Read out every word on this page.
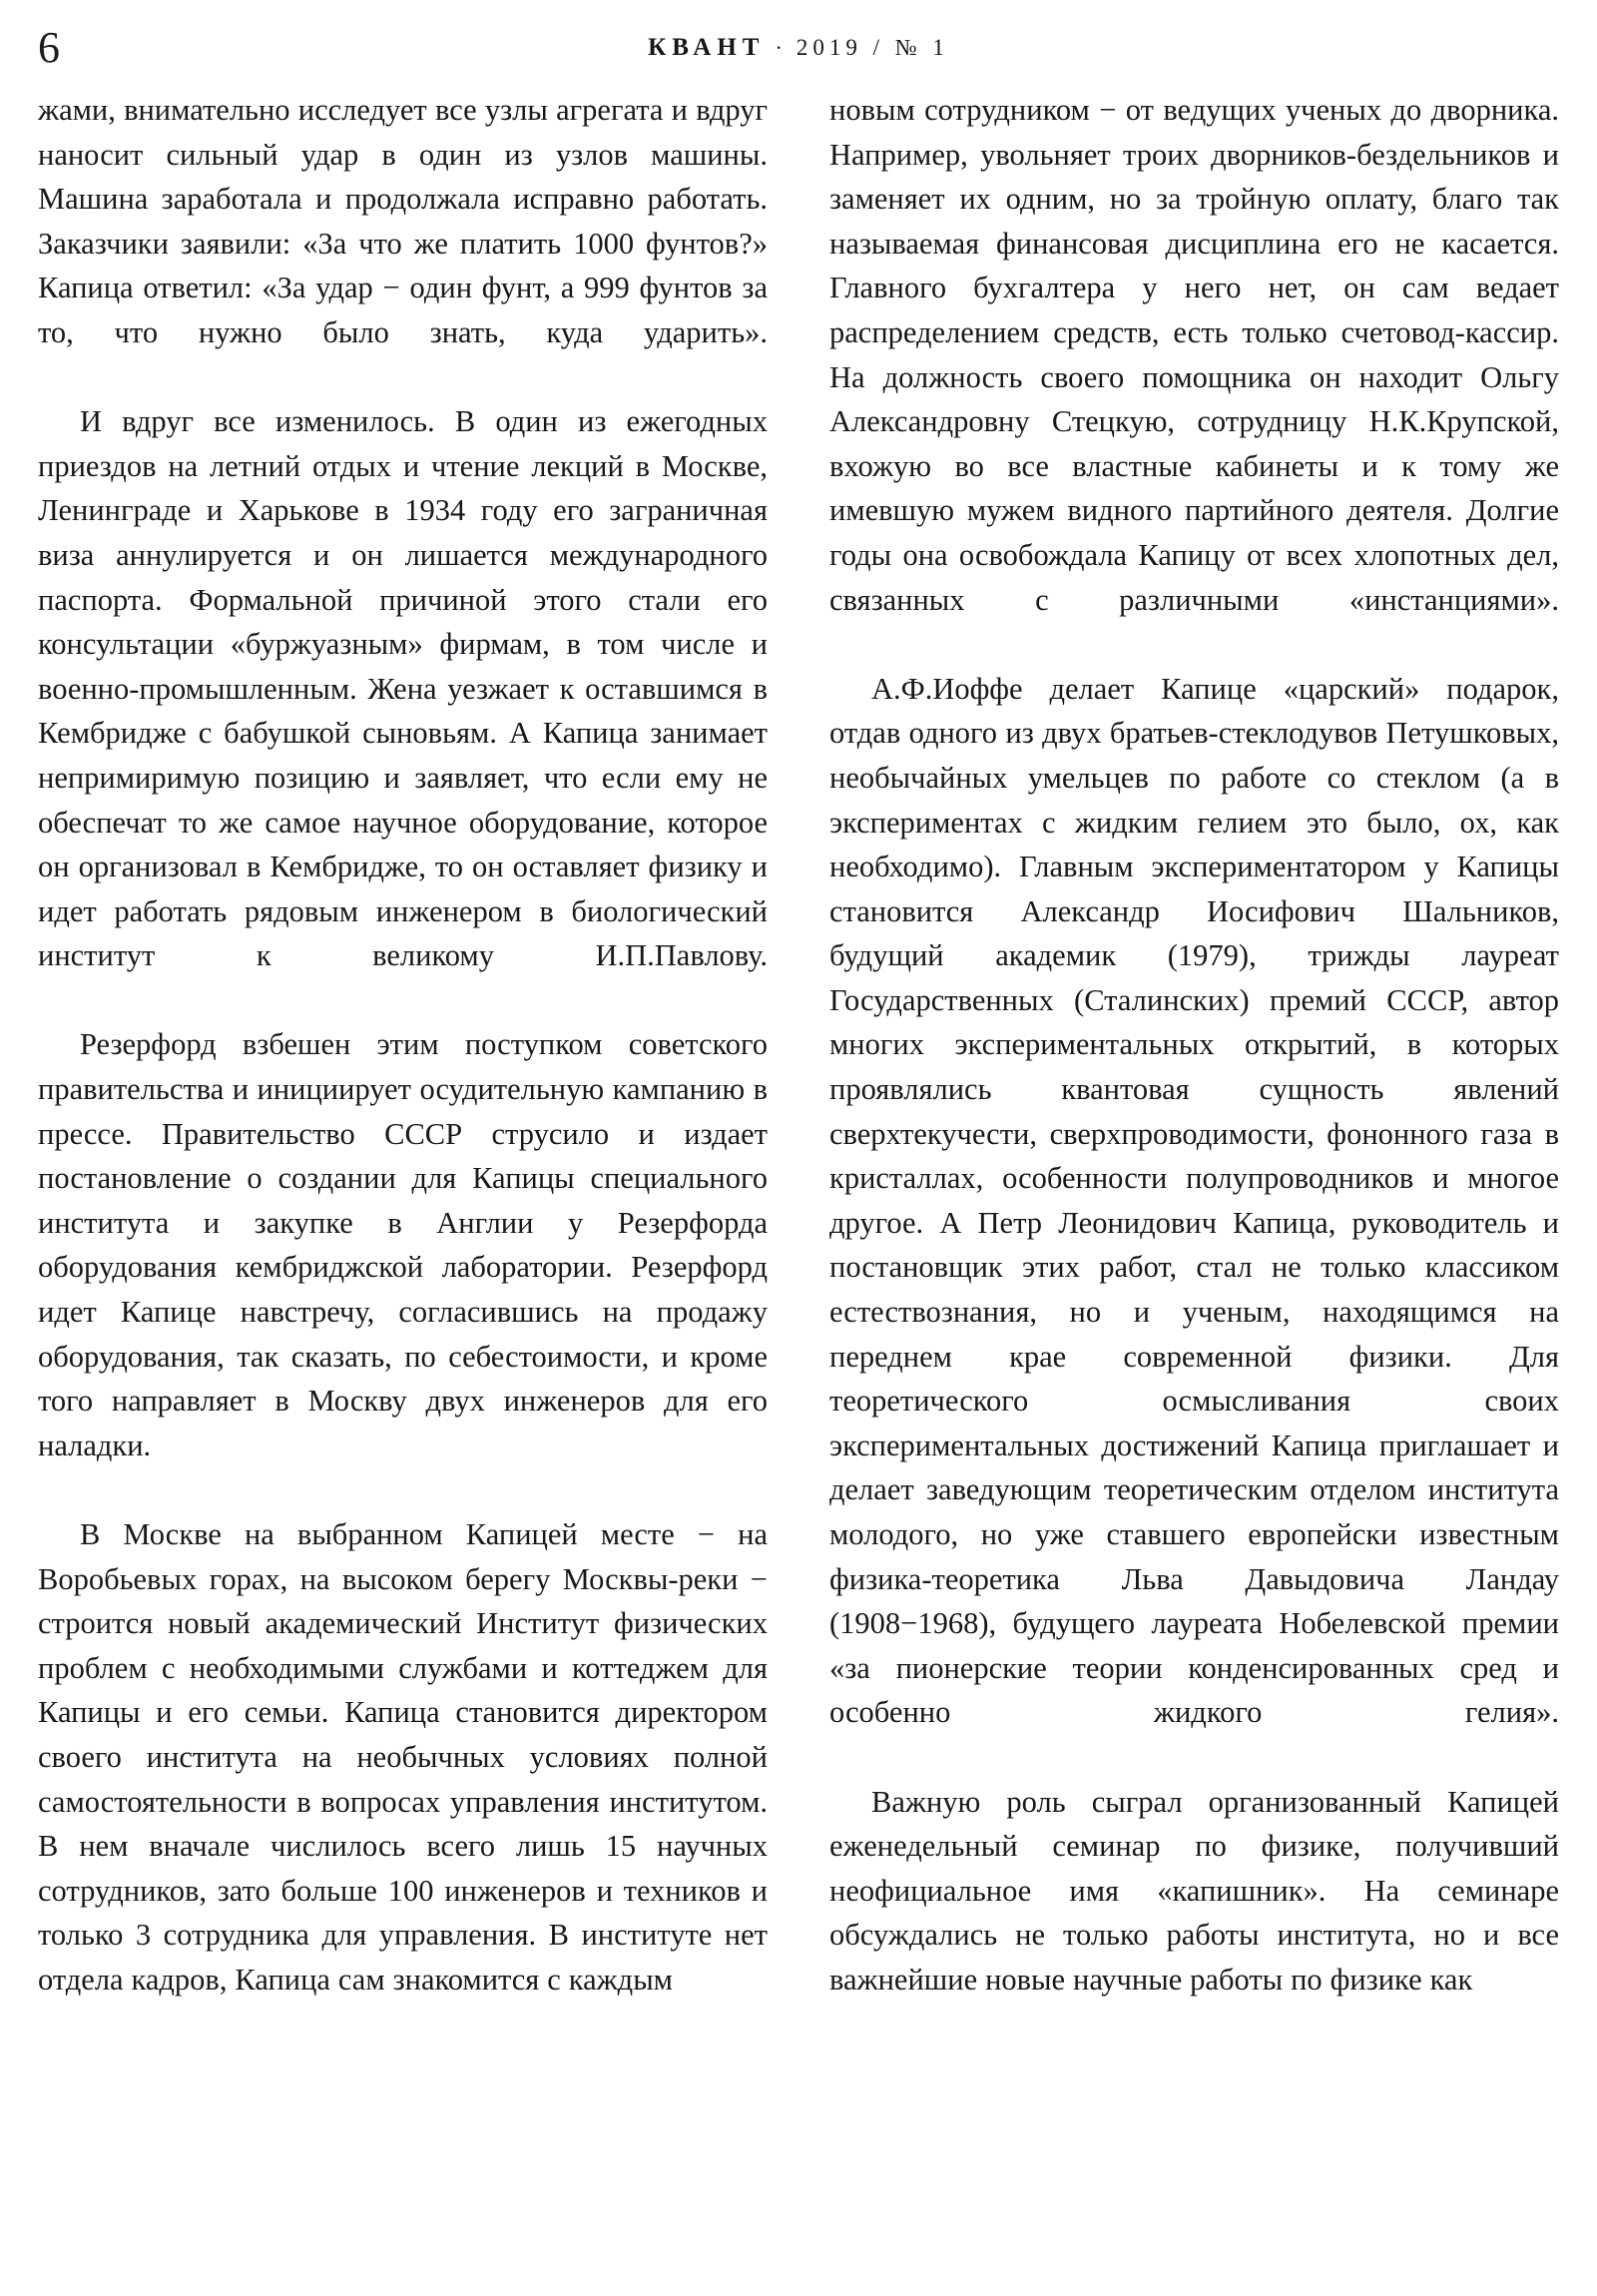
6	КВАНТ · 2019 / № 1

жами, внимательно исследует все узлы агрегата и вдруг наносит сильный удар в один из узлов машины. Машина заработала и продолжала исправно работать. Заказчики заявили: «За что же платить 1000 фунтов?» Капица ответил: «За удар − один фунт, а 999 фунтов за то, что нужно было знать, куда ударить».

И вдруг все изменилось. В один из ежегодных приездов на летний отдых и чтение лекций в Москве, Ленинграде и Харькове в 1934 году его заграничная виза аннулируется и он лишается международного паспорта. Формальной причиной этого стали его консультации «буржуазным» фирмам, в том числе и военно-промышленным. Жена уезжает к оставшимся в Кембридже с бабушкой сыновьям. А Капица занимает непримиримую позицию и заявляет, что если ему не обеспечат то же самое научное оборудование, которое он организовал в Кембридже, то он оставляет физику и идет работать рядовым инженером в биологический институт к великому И.П.Павлову.

Резерфорд взбешен этим поступком советского правительства и инициирует осудительную кампанию в прессе. Правительство СССР струсило и издает постановление о создании для Капицы специального института и закупке в Англии у Резерфорда оборудования кембриджской лаборатории. Резерфорд идет Капице навстречу, согласившись на продажу оборудования, так сказать, по себестоимости, и кроме того направляет в Москву двух инженеров для его наладки.

В Москве на выбранном Капицей месте − на Воробьевых горах, на высоком берегу Москвы-реки − строится новый академический Институт физических проблем с необходимыми службами и коттеджем для Капицы и его семьи. Капица становится директором своего института на необычных условиях полной самостоятельности в вопросах управления институтом. В нем вначале числилось всего лишь 15 научных сотрудников, зато больше 100 инженеров и техников и только 3 сотрудника для управления. В институте нет отдела кадров, Капица сам знакомится с каждым

новым сотрудником − от ведущих ученых до дворника. Например, увольняет троих дворников-бездельников и заменяет их одним, но за тройную оплату, благо так называемая финансовая дисциплина его не касается. Главного бухгалтера у него нет, он сам ведает распределением средств, есть только счетовод-кассир. На должность своего помощника он находит Ольгу Александровну Стецкую, сотрудницу Н.К.Крупской, вхожую во все властные кабинеты и к тому же имевшую мужем видного партийного деятеля. Долгие годы она освобождала Капицу от всех хлопотных дел, связанных с различными «инстанциями».

А.Ф.Иоффе делает Капице «царский» подарок, отдав одного из двух братьев-стеклодувов Петушковых, необычайных умельцев по работе со стеклом (а в экспериментах с жидким гелием это было, ох, как необходимо). Главным экспериментатором у Капицы становится Александр Иосифович Шальников, будущий академик (1979), трижды лауреат Государственных (Сталинских) премий СССР, автор многих экспериментальных открытий, в которых проявлялись квантовая сущность явлений сверхтекучести, сверхпроводимости, фононного газа в кристаллах, особенности полупроводников и многое другое. А Петр Леонидович Капица, руководитель и постановщик этих работ, стал не только классиком естествознания, но и ученым, находящимся на переднем крае современной физики. Для теоретического осмысливания своих экспериментальных достижений Капица приглашает и делает заведующим теоретическим отделом института молодого, но уже ставшего европейски известным физика-теоретика Льва Давыдовича Ландау (1908−1968), будущего лауреата Нобелевской премии «за пионерские теории конденсированных сред и особенно жидкого гелия».

Важную роль сыграл организованный Капицей еженедельный семинар по физике, получивший неофициальное имя «капишник». На семинаре обсуждались не только работы института, но и все важнейшие новые научные работы по физике как
